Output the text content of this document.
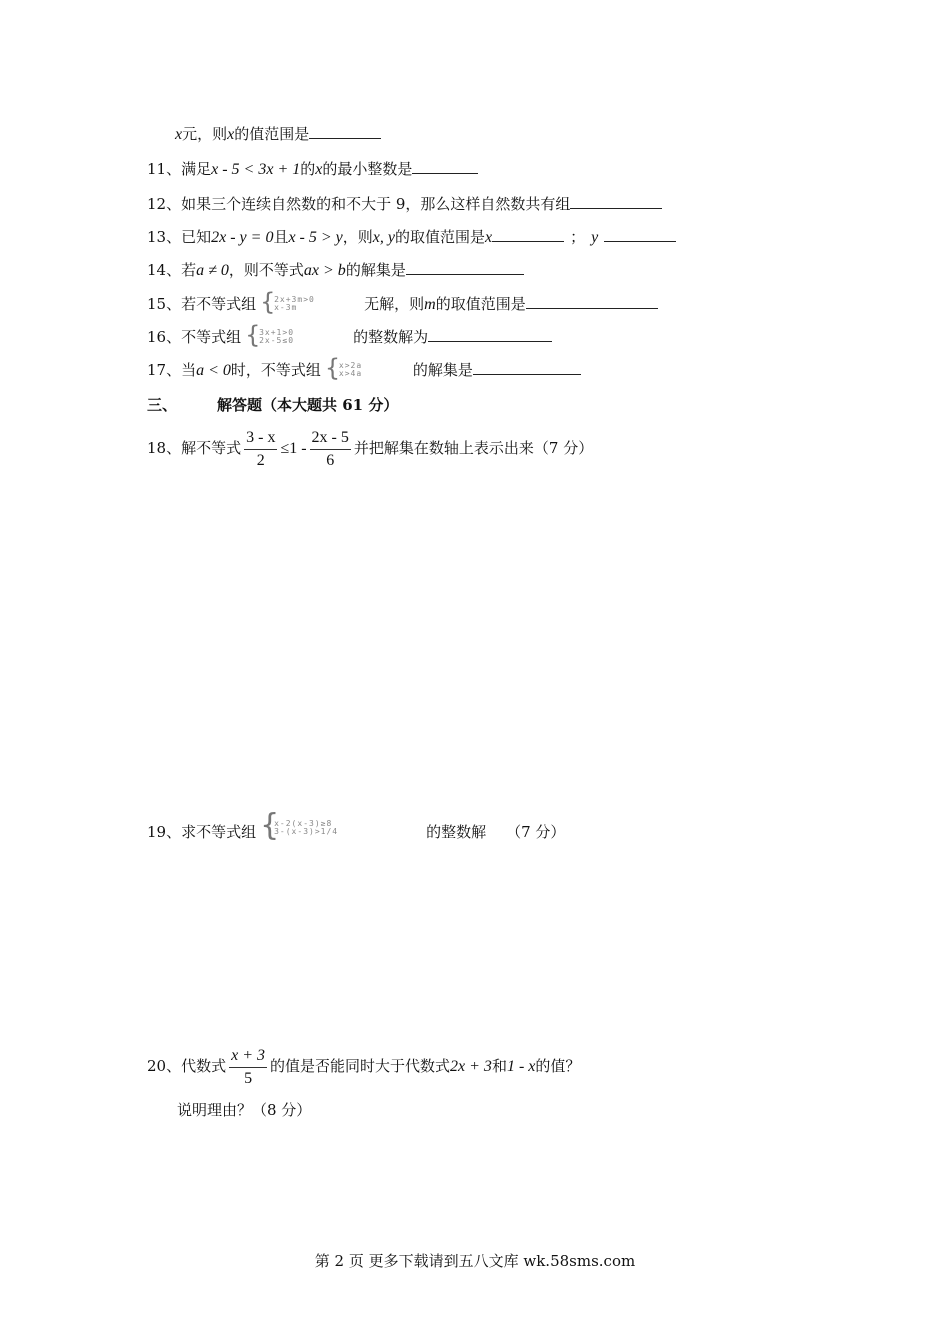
x元，则x的值范围是
11、满足x - 5 < 3x + 1的x的最小整数是
12、如果三个连续自然数的和不大于 9，那么这样自然数共有组
13、已知2x - y = 0且x - 5 > y，则x, y的取值范围是x	； y
14、若a ≠ 0，则不等式ax > b的解集是
15、若不等式组 {
2x+3m>0
x-3m	无解，则m的取值范围是
16、不等式组 {
3x+1>0
2x-5≤0	的整数解为
17、当a < 0时，不等式组 {
x>2a
x>4a	的解集是
三、	解答题（本大题共 61 分）
18、解不等式 $\frac{3 - x}{2} \le 1 - \frac{2x - 5}{6}$ 并把解集在数轴上表示出来（7 分）
19、求不等式组 {
x-2(x-3)≥8
3-(x-3)>1/4	的整数解 （7 分）
20、代数式 $\frac{x + 3}{5}$ 的值是否能同时大于代数式2x + 3和1 - x的值？
说明理由？（8 分）
第 2 页 更多下载请到五八文库 wk.58sms.com
